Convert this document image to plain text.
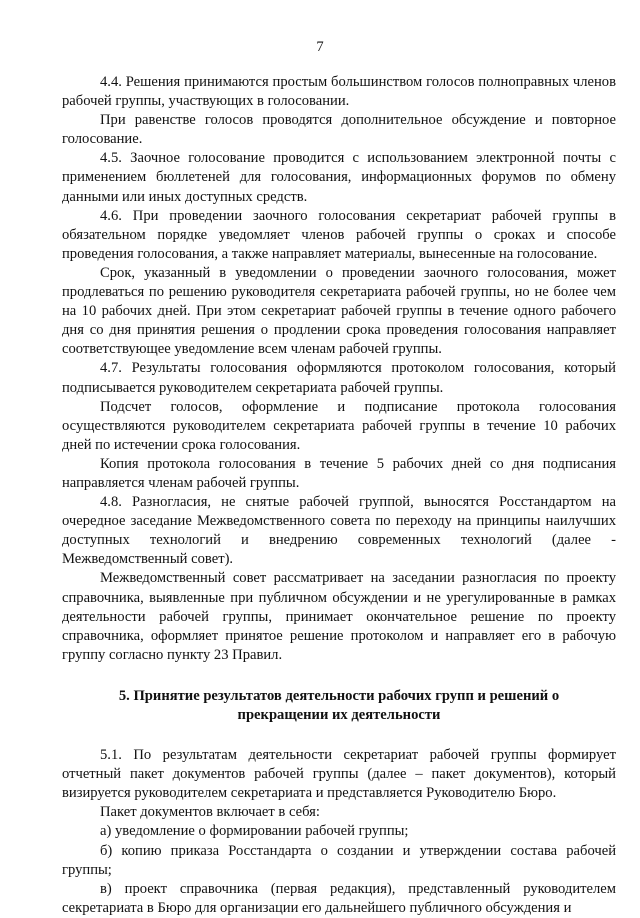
7

4.4. Решения принимаются простым большинством голосов полноправных членов рабочей группы, участвующих в голосовании.

При равенстве голосов проводятся дополнительное обсуждение и повторное голосование.

4.5. Заочное голосование проводится с использованием электронной почты с применением бюллетеней для голосования, информационных форумов по обмену данными или иных доступных средств.

4.6. При проведении заочного голосования секретариат рабочей группы в обязательном порядке уведомляет членов рабочей группы о сроках и способе проведения голосования, а также направляет материалы, вынесенные на голосование.

Срок, указанный в уведомлении о проведении заочного голосования, может продлеваться по решению руководителя секретариата рабочей группы, но не более чем на 10 рабочих дней. При этом секретариат рабочей группы в течение одного рабочего дня со дня принятия решения о продлении срока проведения голосования направляет соответствующее уведомление всем членам рабочей группы.

4.7. Результаты голосования оформляются протоколом голосования, который подписывается руководителем секретариата рабочей группы.

Подсчет голосов, оформление и подписание протокола голосования осуществляются руководителем секретариата рабочей группы в течение 10 рабочих дней по истечении срока голосования.

Копия протокола голосования в течение 5 рабочих дней со дня подписания направляется членам рабочей группы.

4.8. Разногласия, не снятые рабочей группой, выносятся Росстандартом на очередное заседание Межведомственного совета по переходу на принципы наилучших доступных технологий и внедрению современных технологий (далее - Межведомственный совет).

Межведомственный совет рассматривает на заседании разногласия по проекту справочника, выявленные при публичном обсуждении и не урегулированные в рамках деятельности рабочей группы, принимает окончательное решение по проекту справочника, оформляет принятое решение протоколом и направляет его в рабочую группу согласно пункту 23 Правил.

5. Принятие результатов деятельности рабочих групп и решений о прекращении их деятельности

5.1. По результатам деятельности секретариат рабочей группы формирует отчетный пакет документов рабочей группы (далее – пакет документов), который визируется руководителем секретариата и представляется Руководителю Бюро.

Пакет документов включает в себя:

а) уведомление о формировании рабочей группы;

б) копию приказа Росстандарта о создании и утверждении состава рабочей группы;

в) проект справочника (первая редакция), представленный руководителем секретариата в Бюро для организации его дальнейшего публичного обсуждения и
